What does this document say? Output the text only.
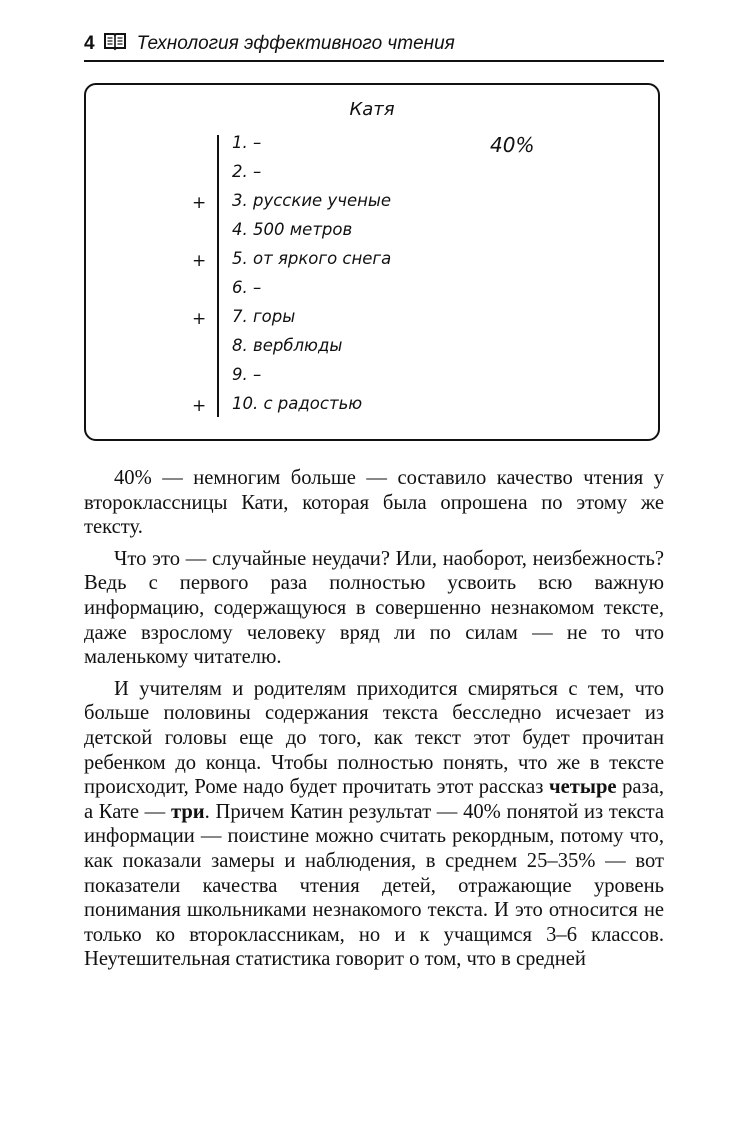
4 Технология эффективного чтения
Катя
40%
1. –
2. –
+ 3. русские ученые
4. 500 метров
+ 5. от яркого снега
6. –
+ 7. горы
8. верблюды
9. –
+ 10. с радостью

40% — немногим больше — составило качество чтения у второклассницы Кати, которая была опрошена по этому же тексту.

Что это — случайные неудачи? Или, наоборот, неизбежность? Ведь с первого раза полностью усвоить всю важную информацию, содержащуюся в совершенно незнакомом тексте, даже взрослому человеку вряд ли по силам — не то что маленькому читателю.

И учителям и родителям приходится смиряться с тем, что больше половины содержания текста бесследно исчезает из детской головы еще до того, как текст этот будет прочитан ребенком до конца. Чтобы полностью понять, что же в тексте происходит, Роме надо будет прочитать этот рассказ четыре раза, а Кате — три. Причем Катин результат — 40% понятой из текста информации — поистине можно считать рекордным, потому что, как показали замеры и наблюдения, в среднем 25–35% — вот показатели качества чтения детей, отражающие уровень понимания школьниками незнакомого текста. И это относится не только ко второклассникам, но и к учащимся 3–6 классов. Неутешительная статистика говорит о том, что в средней
